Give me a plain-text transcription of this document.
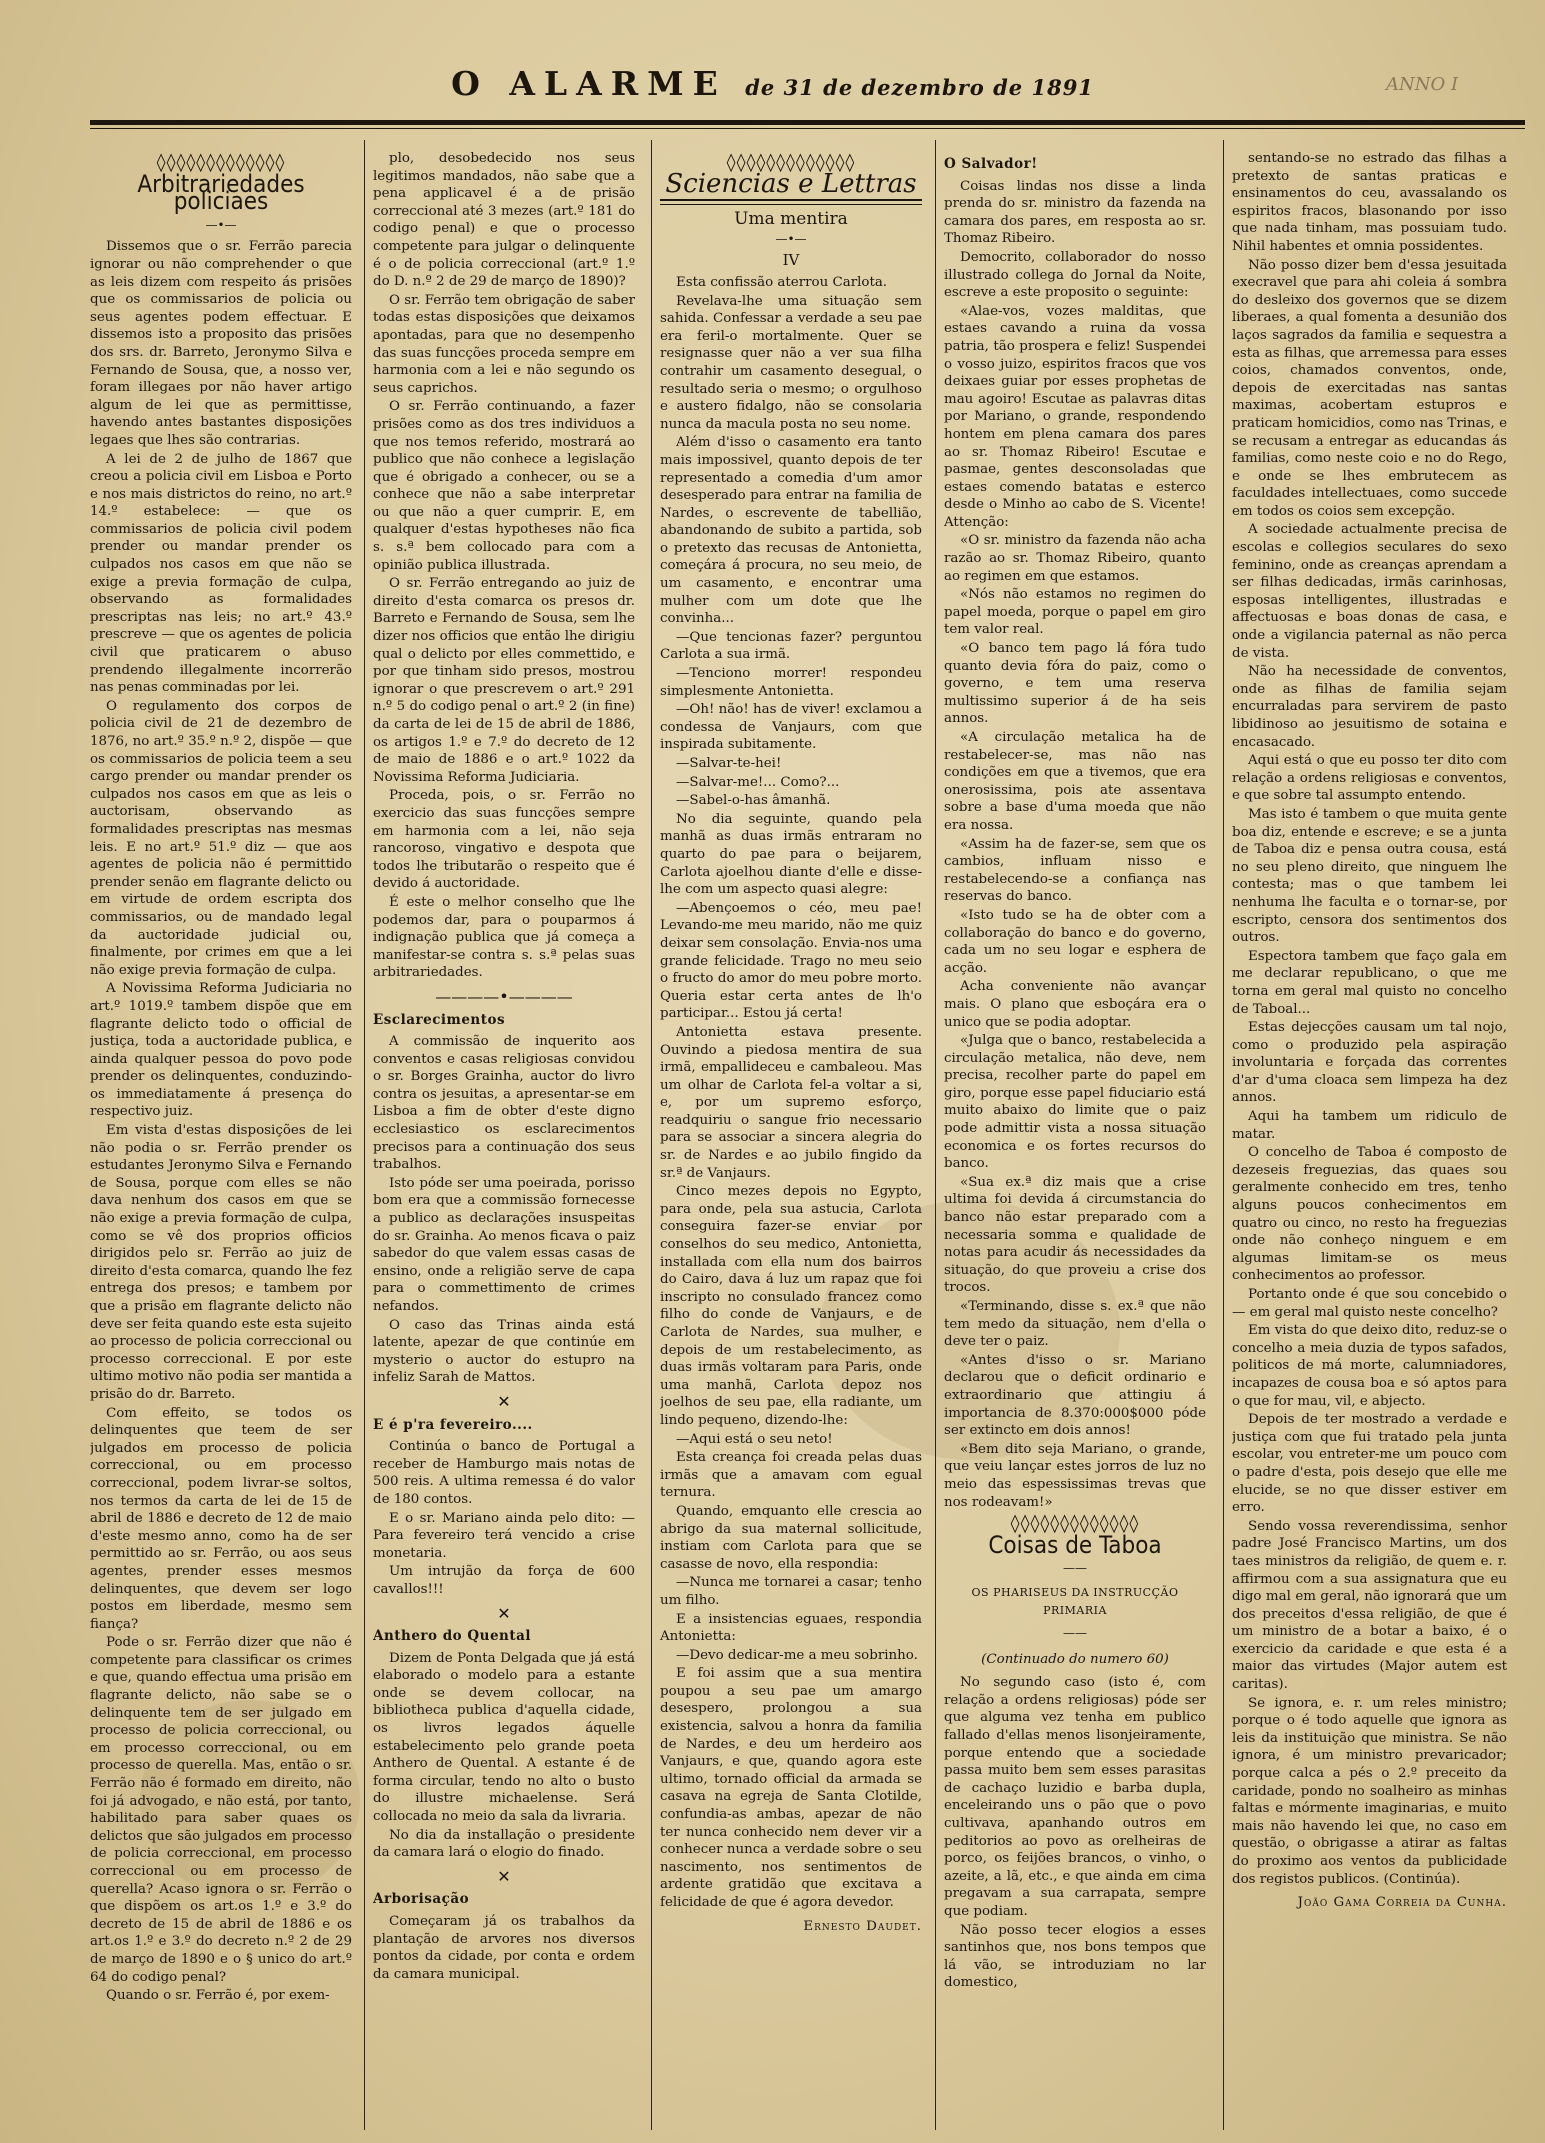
O ALARME de 31 de dezembro de 1891	ANNO I
◊◊◊◊◊◊◊◊◊◊◊◊◊
Arbitrariedades policiaes
—•—

Dissemos que o sr. Ferrão parecia ignorar ou não comprehender o que as leis dizem com respeito ás prisões que os commissarios de policia ou seus agentes podem effectuar. E dissemos isto a proposito das prisões dos srs. dr. Barreto, Jeronymo Silva e Fernando de Sousa, que, a nosso ver, foram illegaes por não haver artigo algum de lei que as permittisse, havendo antes bastantes disposições legaes que lhes são contrarias.

A lei de 2 de julho de 1867 que creou a policia civil em Lisboa e Porto e nos mais districtos do reino, no art.º 14.º estabelece: — que os commissarios de policia civil podem prender ou mandar prender os culpados nos casos em que não se exige a previa formação de culpa, observando as formalidades prescriptas nas leis; no art.º 43.º prescreve — que os agentes de policia civil que praticarem o abuso prendendo illegalmente incorrerão nas penas comminadas por lei.

O regulamento dos corpos de policia civil de 21 de dezembro de 1876, no art.º 35.º n.º 2, dispõe — que os commissarios de policia teem a seu cargo prender ou mandar prender os culpados nos casos em que as leis o auctorisam, observando as formalidades prescriptas nas mesmas leis. E no art.º 51.º diz — que aos agentes de policia não é permittido prender senão em flagrante delicto ou em virtude de ordem escripta dos commissarios, ou de mandado legal da auctoridade judicial ou, finalmente, por crimes em que a lei não exige previa formação de culpa.

A Novissima Reforma Judiciaria no art.º 1019.º tambem dispõe que em flagrante delicto todo o official de justiça, toda a auctoridade publica, e ainda qualquer pessoa do povo pode prender os delinquentes, conduzindo-os immediatamente á presença do respectivo juiz.

Em vista d'estas disposições de lei não podia o sr. Ferrão prender os estudantes Jeronymo Silva e Fernando de Sousa, porque com elles se não dava nenhum dos casos em que se não exige a previa formação de culpa, como se vê dos proprios officios dirigidos pelo sr. Ferrão ao juiz de direito d'esta comarca, quando lhe fez entrega dos presos; e tambem por que a prisão em flagrante delicto não deve ser feita quando este esta sujeito ao processo de policia correccional ou processo correccional. E por este ultimo motivo não podia ser mantida a prisão do dr. Barreto.

Com effeito, se todos os delinquentes que teem de ser julgados em processo de policia correccional, ou em processo correccional, podem livrar-se soltos, nos termos da carta de lei de 15 de abril de 1886 e decreto de 12 de maio d'este mesmo anno, como ha de ser permittido ao sr. Ferrão, ou aos seus agentes, prender esses mesmos delinquentes, que devem ser logo postos em liberdade, mesmo sem fiança?

Pode o sr. Ferrão dizer que não é competente para classificar os crimes e que, quando effectua uma prisão em flagrante delicto, não sabe se o delinquente tem de ser julgado em processo de policia correccional, ou em processo correccional, ou em processo de querella. Mas, então o sr. Ferrão não é formado em direito, não foi já advogado, e não está, por tanto, habilitado para saber quaes os delictos que são julgados em processo de policia correccional, em processo correccional ou em processo de querella? Acaso ignora o sr. Ferrão o que dispõem os art.os 1.º e 3.º do decreto de 15 de abril de 1886 e os art.os 1.º e 3.º do decreto n.º 2 de 29 de março de 1890 e o § unico do art.º 64 do codigo penal?

Quando o sr. Ferrão é, por exem-

plo, desobedecido nos seus legitimos mandados, não sabe que a pena applicavel é a de prisão correccional até 3 mezes (art.º 181 do codigo penal) e que o processo competente para julgar o delinquente é o de policia correccional (art.º 1.º do D. n.º 2 de 29 de março de 1890)?

O sr. Ferrão tem obrigação de saber todas estas disposições que deixamos apontadas, para que no desempenho das suas funcções proceda sempre em harmonia com a lei e não segundo os seus caprichos.

O sr. Ferrão continuando, a fazer prisões como as dos tres individuos a que nos temos referido, mostrará ao publico que não conhece a legislação que é obrigado a conhecer, ou se a conhece que não a sabe interpretar ou que não a quer cumprir. E, em qualquer d'estas hypotheses não fica s. s.ª bem collocado para com a opinião publica illustrada.

O sr. Ferrão entregando ao juiz de direito d'esta comarca os presos dr. Barreto e Fernando de Sousa, sem lhe dizer nos officios que então lhe dirigiu qual o delicto por elles commettido, e por que tinham sido presos, mostrou ignorar o que prescrevem o art.º 291 n.º 5 do codigo penal o art.º 2 (in fine) da carta de lei de 15 de abril de 1886, os artigos 1.º e 7.º do decreto de 12 de maio de 1886 e o art.º 1022 da Novissima Reforma Judiciaria.

Proceda, pois, o sr. Ferrão no exercicio das suas funcções sempre em harmonia com a lei, não seja rancoroso, vingativo e despota que todos lhe tributarão o respeito que é devido á auctoridade.

É este o melhor conselho que lhe podemos dar, para o pouparmos á indignação publica que já começa a manifestar-se contra s. s.ª pelas suas arbitrariedades.

————•————
Esclarecimentos

A commissão de inquerito aos conventos e casas religiosas convidou o sr. Borges Grainha, auctor do livro contra os jesuitas, a apresentar-se em Lisboa a fim de obter d'este digno ecclesiastico os esclarecimentos precisos para a continuação dos seus trabalhos.

Isto póde ser uma poeirada, porisso bom era que a commissão fornecesse a publico as declarações insuspeitas do sr. Grainha. Ao menos ficava o paiz sabedor do que valem essas casas de ensino, onde a religião serve de capa para o commettimento de crimes nefandos.

O caso das Trinas ainda está latente, apezar de que continúe em mysterio o auctor do estupro na infeliz Sarah de Mattos.

✕
E é p'ra fevereiro....

Continúa o banco de Portugal a receber de Hamburgo mais notas de 500 reis. A ultima remessa é do valor de 180 contos.

E o sr. Mariano ainda pelo dito: — Para fevereiro terá vencido a crise monetaria.

Um intrujão da força de 600 cavallos!!!

✕
Anthero do Quental

Dizem de Ponta Delgada que já está elaborado o modelo para a estante onde se devem collocar, na bibliotheca publica d'aquella cidade, os livros legados áquelle estabelecimento pelo grande poeta Anthero de Quental. A estante é de forma circular, tendo no alto o busto do illustre michaelense. Será collocada no meio da sala da livraria.

No dia da installação o presidente da camara lará o elogio do finado.

✕
Arborisação

Começaram já os trabalhos da plantação de arvores nos diversos pontos da cidade, por conta e ordem da camara municipal.

◊◊◊◊◊◊◊◊◊◊◊◊◊
Sciencias e Lettras
Uma mentira
—•—
IV

Esta confissão aterrou Carlota.

Revelava-lhe uma situação sem sahida. Confessar a verdade a seu pae era feril-o mortalmente. Quer se resignasse quer não a ver sua filha contrahir um casamento desegual, o resultado seria o mesmo; o orgulhoso e austero fidalgo, não se consolaria nunca da macula posta no seu nome.

Além d'isso o casamento era tanto mais impossivel, quanto depois de ter representado a comedia d'um amor desesperado para entrar na familia de Nardes, o escrevente de tabellião, abandonando de subito a partida, sob o pretexto das recusas de Antonietta, começára á procura, no seu meio, de um casamento, e encontrar uma mulher com um dote que lhe convinha...

—Que tencionas fazer? perguntou Carlota a sua irmã.

—Tenciono morrer! respondeu simplesmente Antonietta.

—Oh! não! has de viver! exclamou a condessa de Vanjaurs, com que inspirada subitamente.

—Salvar-te-hei!

—Salvar-me!... Como?...

—Sabel-o-has âmanhã.

No dia seguinte, quando pela manhã as duas irmãs entraram no quarto do pae para o beijarem, Carlota ajoelhou diante d'elle e disse-lhe com um aspecto quasi alegre:

—Abençoemos o céo, meu pae! Levando-me meu marido, não me quiz deixar sem consolação. Envia-nos uma grande felicidade. Trago no meu seio o fructo do amor do meu pobre morto. Queria estar certa antes de lh'o participar... Estou já certa!

Antonietta estava presente. Ouvindo a piedosa mentira de sua irmã, empallideceu e cambaleou. Mas um olhar de Carlota fel-a voltar a si, e, por um supremo esforço, readquiriu o sangue frio necessario para se associar a sincera alegria do sr. de Nardes e ao jubilo fingido da sr.ª de Vanjaurs.

Cinco mezes depois no Egypto, para onde, pela sua astucia, Carlota conseguira fazer-se enviar por conselhos do seu medico, Antonietta, installada com ella num dos bairros do Cairo, dava á luz um rapaz que foi inscripto no consulado francez como filho do conde de Vanjaurs, e de Carlota de Nardes, sua mulher, e depois de um restabelecimento, as duas irmãs voltaram para Paris, onde uma manhã, Carlota depoz nos joelhos de seu pae, ella radiante, um lindo pequeno, dizendo-lhe:

—Aqui está o seu neto!

Esta creança foi creada pelas duas irmãs que a amavam com egual ternura.

Quando, emquanto elle crescia ao abrigo da sua maternal sollicitude, instiam com Carlota para que se casasse de novo, ella respondia:

—Nunca me tornarei a casar; tenho um filho.

E a insistencias eguaes, respondia Antonietta:

—Devo dedicar-me a meu sobrinho.

E foi assim que a sua mentira poupou a seu pae um amargo desespero, prolongou a sua existencia, salvou a honra da familia de Nardes, e deu um herdeiro aos Vanjaurs, e que, quando agora este ultimo, tornado official da armada se casava na egreja de Santa Clotilde, confundia-as ambas, apezar de não ter nunca conhecido nem dever vir a conhecer nunca a verdade sobre o seu nascimento, nos sentimentos de ardente gratidão que excitava a felicidade de que é agora devedor.

Ernesto Daudet.
O Salvador!

Coisas lindas nos disse a linda prenda do sr. ministro da fazenda na camara dos pares, em resposta ao sr. Thomaz Ribeiro.

Democrito, collaborador do nosso illustrado collega do Jornal da Noite, escreve a este proposito o seguinte:

«Alae-vos, vozes malditas, que estaes cavando a ruina da vossa patria, tão prospera e feliz! Suspendei o vosso juizo, espiritos fracos que vos deixaes guiar por esses prophetas de mau agoiro! Escutae as palavras ditas por Mariano, o grande, respondendo hontem em plena camara dos pares ao sr. Thomaz Ribeiro! Escutae e pasmae, gentes desconsoladas que estaes comendo batatas e esterco desde o Minho ao cabo de S. Vicente! Attenção:

«O sr. ministro da fazenda não acha razão ao sr. Thomaz Ribeiro, quanto ao regimen em que estamos.

«Nós não estamos no regimen do papel moeda, porque o papel em giro tem valor real.

«O banco tem pago lá fóra tudo quanto devia fóra do paiz, como o governo, e tem uma reserva multissimo superior á de ha seis annos.

«A circulação metalica ha de restabelecer-se, mas não nas condições em que a tivemos, que era onerosissima, pois ate assentava sobre a base d'uma moeda que não era nossa.

«Assim ha de fazer-se, sem que os cambios, influam nisso e restabelecendo-se a confiança nas reservas do banco.

«Isto tudo se ha de obter com a collaboração do banco e do governo, cada um no seu logar e esphera de acção.

Acha conveniente não avançar mais. O plano que esboçára era o unico que se podia adoptar.

«Julga que o banco, restabelecida a circulação metalica, não deve, nem precisa, recolher parte do papel em giro, porque esse papel fiduciario está muito abaixo do limite que o paiz pode admittir vista a nossa situação economica e os fortes recursos do banco.

«Sua ex.ª diz mais que a crise ultima foi devida á circumstancia do banco não estar preparado com a necessaria somma e qualidade de notas para acudir ás necessidades da situação, do que proveiu a crise dos trocos.

«Terminando, disse s. ex.ª que não tem medo da situação, nem d'ella o deve ter o paiz.

«Antes d'isso o sr. Mariano declarou que o deficit ordinario e extraordinario que attingiu á importancia de 8.370:000$000 póde ser extincto em dois annos!

«Bem dito seja Mariano, o grande, que veiu lançar estes jorros de luz no meio das espessissimas trevas que nos rodeavam!»

◊◊◊◊◊◊◊◊◊◊◊◊◊
Coisas de Taboa
——
OS PHARISEUS DA INSTRUCÇÃO PRIMARIA
——
(Continuado do numero 60)

No segundo caso (isto é, com relação a ordens religiosas) póde ser que alguma vez tenha em publico fallado d'ellas menos lisonjeiramente, porque entendo que a sociedade passa muito bem sem esses parasitas de cachaço luzidio e barba dupla, enceleirando uns o pão que o povo cultivava, apanhando outros em peditorios ao povo as orelheiras de porco, os feijões brancos, o vinho, o azeite, a lã, etc., e que ainda em cima pregavam a sua carrapata, sempre que podiam.

Não posso tecer elogios a esses santinhos que, nos bons tempos que lá vão, se introduziam no lar domestico,

sentando-se no estrado das filhas a pretexto de santas praticas e ensinamentos do ceu, avassalando os espiritos fracos, blasonando por isso que nada tinham, mas possuiam tudo. Nihil habentes et omnia possidentes.

Não posso dizer bem d'essa jesuitada execravel que para ahi coleia á sombra do desleixo dos governos que se dizem liberaes, a qual fomenta a desunião dos laços sagrados da familia e sequestra a esta as filhas, que arremessa para esses coios, chamados conventos, onde, depois de exercitadas nas santas maximas, acobertam estupros e praticam homicidios, como nas Trinas, e se recusam a entregar as educandas ás familias, como neste coio e no do Rego, e onde se lhes embrutecem as faculdades intellectuaes, como succede em todos os coios sem excepção.

A sociedade actualmente precisa de escolas e collegios seculares do sexo feminino, onde as creanças aprendam a ser filhas dedicadas, irmãs carinhosas, esposas intelligentes, illustradas e affectuosas e boas donas de casa, e onde a vigilancia paternal as não perca de vista.

Não ha necessidade de conventos, onde as filhas de familia sejam encurraladas para servirem de pasto libidinoso ao jesuitismo de sotaina e encasacado.

Aqui está o que eu posso ter dito com relação a ordens religiosas e conventos, e que sobre tal assumpto entendo.

Mas isto é tambem o que muita gente boa diz, entende e escreve; e se a junta de Taboa diz e pensa outra cousa, está no seu pleno direito, que ninguem lhe contesta; mas o que tambem lei nenhuma lhe faculta e o tornar-se, por escripto, censora dos sentimentos dos outros.

Espectora tambem que faço gala em me declarar republicano, o que me torna em geral mal quisto no concelho de Taboal...

Estas dejecções causam um tal nojo, como o produzido pela aspiração involuntaria e forçada das correntes d'ar d'uma cloaca sem limpeza ha dez annos.

Aqui ha tambem um ridiculo de matar.

O concelho de Taboa é composto de dezeseis freguezias, das quaes sou geralmente conhecido em tres, tenho alguns poucos conhecimentos em quatro ou cinco, no resto ha freguezias onde não conheço ninguem e em algumas limitam-se os meus conhecimentos ao professor.

Portanto onde é que sou concebido o — em geral mal quisto neste concelho?

Em vista do que deixo dito, reduz-se o concelho a meia duzia de typos safados, politicos de má morte, calumniadores, incapazes de cousa boa e só aptos para o que for mau, vil, e abjecto.

Depois de ter mostrado a verdade e justiça com que fui tratado pela junta escolar, vou entreter-me um pouco com o padre d'esta, pois desejo que elle me elucide, se no que disser estiver em erro.

Sendo vossa reverendissima, senhor padre José Francisco Martins, um dos taes ministros da religião, de quem e. r. affirmou com a sua assignatura que eu digo mal em geral, não ignorará que um dos preceitos d'essa religião, de que é um ministro de a botar a baixo, é o exercicio da caridade e que esta é a maior das virtudes (Major autem est caritas).

Se ignora, e. r. um reles ministro; porque o é todo aquelle que ignora as leis da instituição que ministra. Se não ignora, é um ministro prevaricador; porque calca a pés o 2.º preceito da caridade, pondo no soalheiro as minhas faltas e mórmente imaginarias, e muito mais não havendo lei que, no caso em questão, o obrigasse a atirar as faltas do proximo aos ventos da publicidade dos registos publicos. (Continúa).

João Gama Correia da Cunha.
